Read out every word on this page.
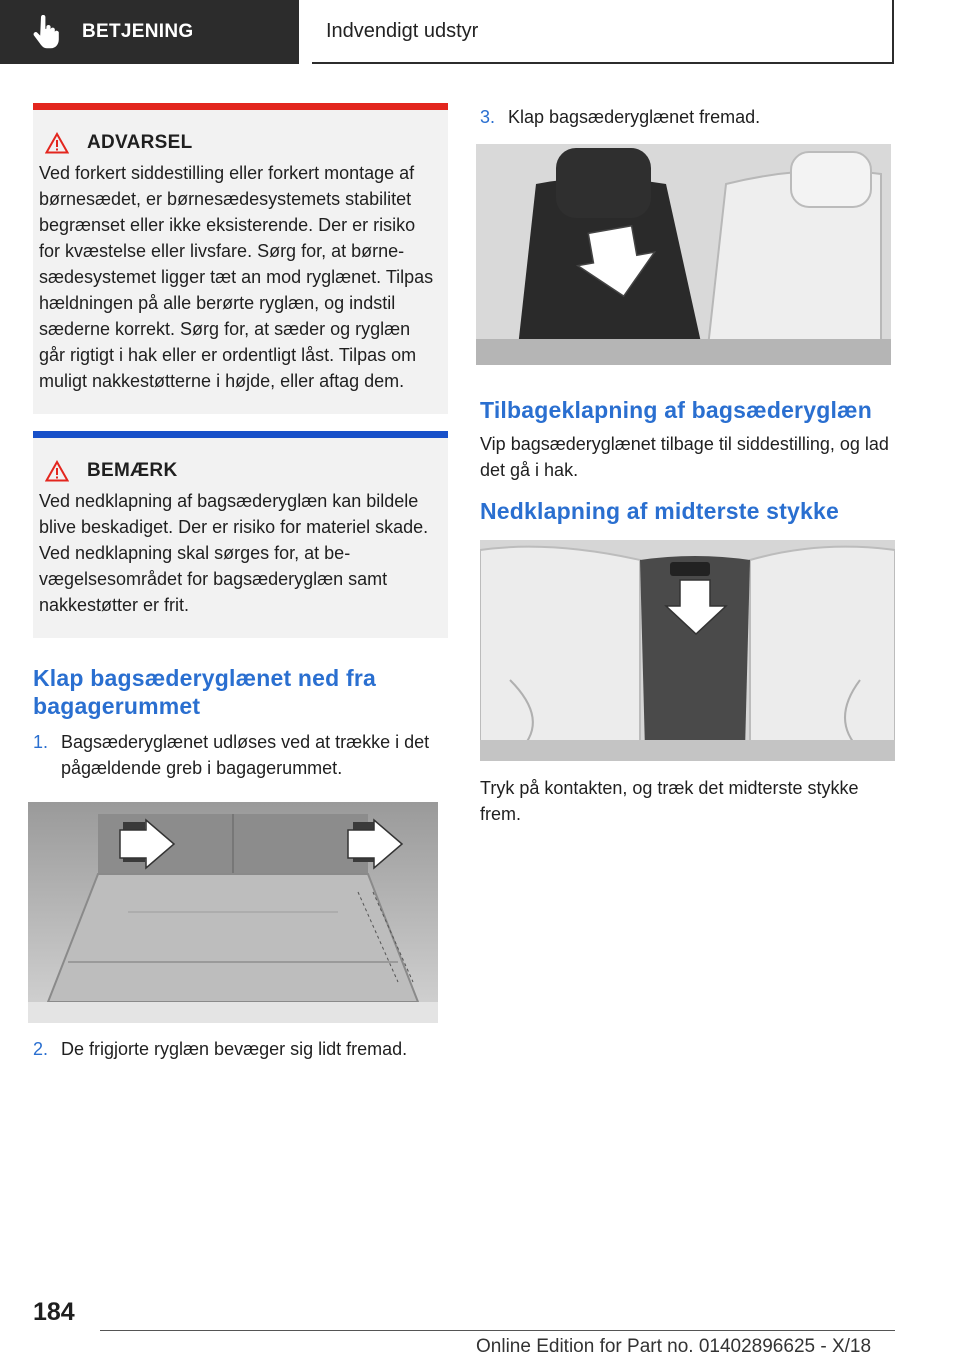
BETJENING	Indvendigt udstyr
ADVARSEL
Ved forkert siddestilling eller forkert montage af børnesædet, er børnesædesystemets stabilitet begrænset eller ikke eksisterende. Der er risiko for kvæstelse eller livsfare. Sørg for, at børnesædesystemet ligger tæt an mod ryglænet. Tilpas hældningen på alle berørte ryglæn, og indstil sæderne korrekt. Sørg for, at sæder og ryglæn går rigtigt i hak eller er ordentligt låst. Tilpas om muligt nakkestøtterne i højde, eller aftag dem.
BEMÆRK
Ved nedklapning af bagsæderyglæn kan bildele blive beskadiget. Der er risiko for materiel skade. Ved nedklapning skal sørges for, at bevægelsesområdet for bagsæderyglæn samt nakkestøtter er frit.
Klap bagsæderyglænet ned fra bagagerummet
1. Bagsæderyglænet udløses ved at trække i det pågældende greb i bagagerummet.
2. De frigjorte ryglæn bevæger sig lidt fremad.
3. Klap bagsæderyglænet fremad.
Tilbageklapning af bagsæderyglæn
Vip bagsæderyglænet tilbage til siddestilling, og lad det gå i hak.
Nedklapning af midterste stykke
Tryk på kontakten, og træk det midterste stykke frem.
184
Online Edition for Part no. 01402896625 - X/18
